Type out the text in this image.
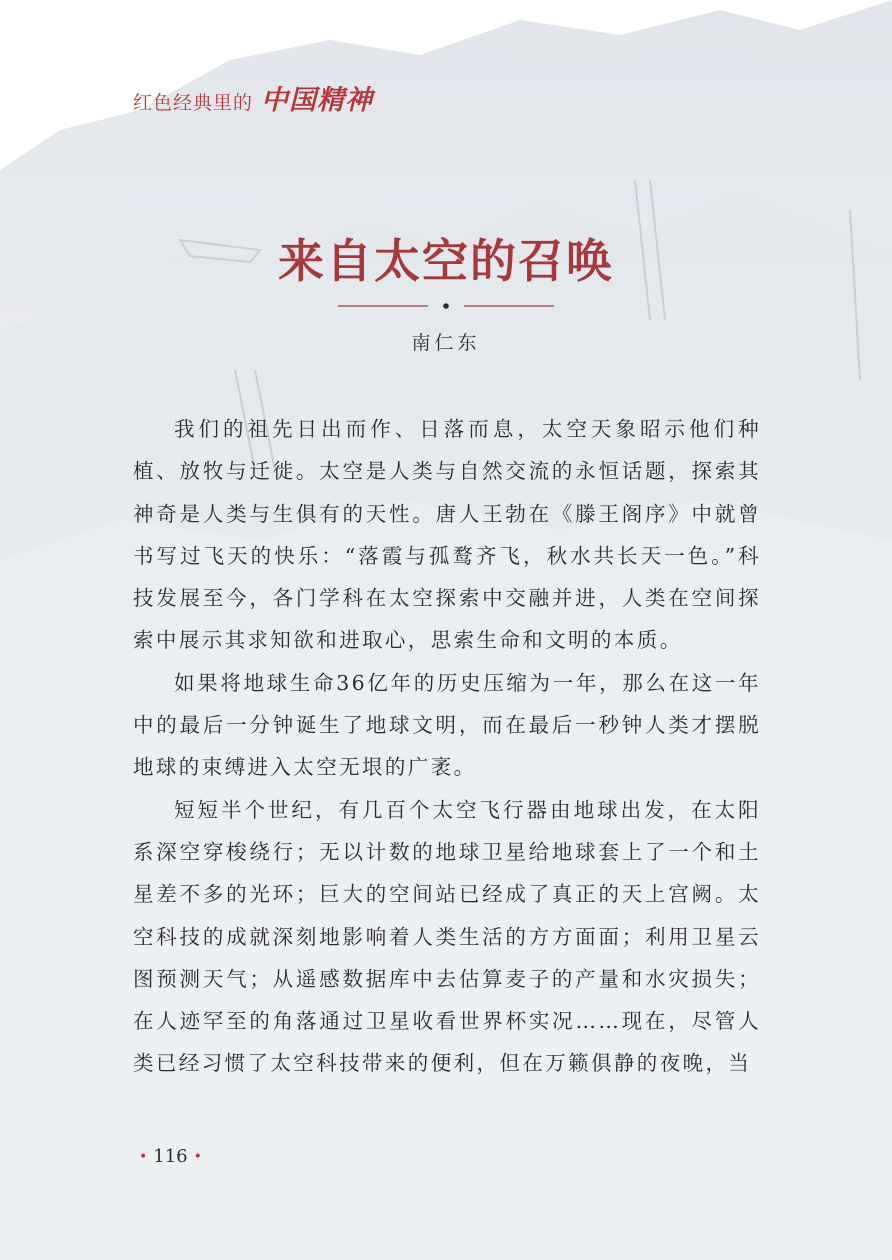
红色经典里的 中国精神
来自太空的召唤
南仁东

我们的祖先日出而作、日落而息，太空天象昭示他们种植、放牧与迁徙。太空是人类与自然交流的永恒话题，探索其神奇是人类与生俱有的天性。唐人王勃在《滕王阁序》中就曾书写过飞天的快乐：“落霞与孤鹜齐飞，秋水共长天一色。”科技发展至今，各门学科在太空探索中交融并进，人类在空间探索中展示其求知欲和进取心，思索生命和文明的本质。

如果将地球生命36亿年的历史压缩为一年，那么在这一年中的最后一分钟诞生了地球文明，而在最后一秒钟人类才摆脱地球的束缚进入太空无垠的广袤。

短短半个世纪，有几百个太空飞行器由地球出发，在太阳系深空穿梭绕行；无以计数的地球卫星给地球套上了一个和土星差不多的光环；巨大的空间站已经成了真正的天上宫阙。太空科技的成就深刻地影响着人类生活的方方面面；利用卫星云图预测天气；从遥感数据库中去估算麦子的产量和水灾损失；在人迹罕至的角落通过卫星收看世界杯实况……现在，尽管人类已经习惯了太空科技带来的便利，但在万籁俱静的夜晚，当

• 116 •
